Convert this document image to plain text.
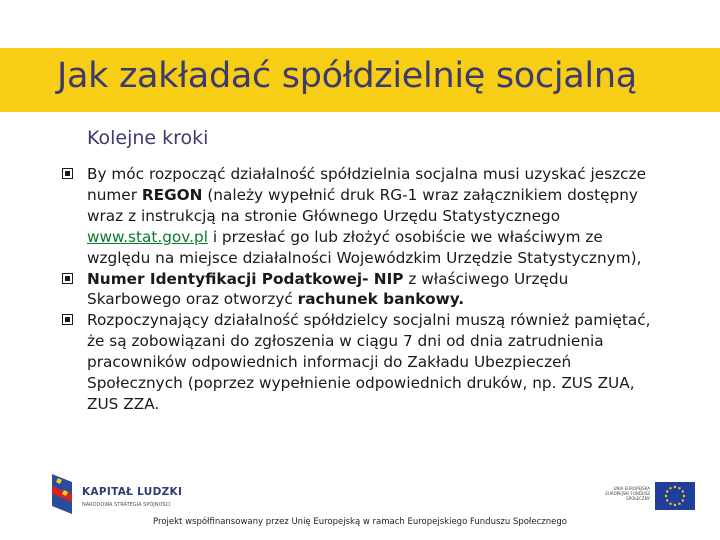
Jak zakładać spółdzielnię socjalną
Kolejne kroki
By móc rozpocząć działalność spółdzielnia socjalna musi uzyskać jeszcze numer REGON (należy wypełnić druk RG-1 wraz załącznikiem dostępny wraz z instrukcją na stronie Głównego Urzędu Statystycznego www.stat.gov.pl i przesłać go lub złożyć osobiście we właściwym ze względu na miejsce działalności Wojewódzkim Urzędzie Statystycznym),
Numer Identyfikacji Podatkowej- NIP z właściwego Urzędu Skarbowego oraz otworzyć rachunek bankowy.
Rozpoczynający działalność spółdzielcy socjalni muszą również pamiętać, że są zobowiązani do zgłoszenia w ciągu 7 dni od dnia zatrudnienia pracowników odpowiednich informacji do Zakładu Ubezpieczeń Społecznych (poprzez wypełnienie odpowiednich druków, np. ZUS ZUA, ZUS ZZA.
KAPITAŁ LUDZKI
NARODOWA STRATEGIA SPÓJNOŚCI
UNIA EUROPEJSKA EUROPEJSKI FUNDUSZ SPOŁECZNY
Projekt współfinansowany przez Unię Europejską w ramach Europejskiego Funduszu Społecznego
